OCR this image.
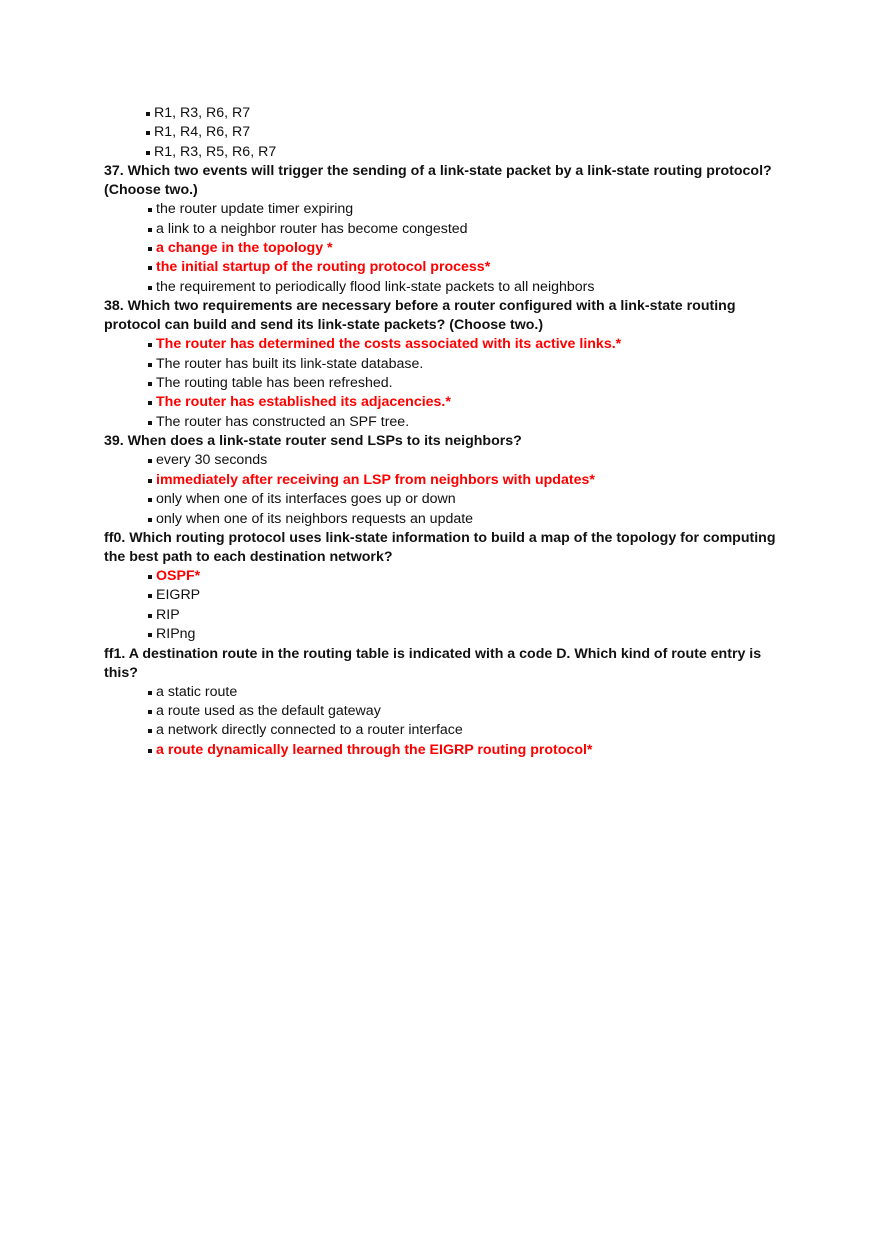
R1, R3, R6, R7
R1, R4, R6, R7
R1, R3, R5, R6, R7

37. Which two events will trigger the sending of a link-state packet by a link-state routing protocol? (Choose two.)

the router update timer expiring
a link to a neighbor router has become congested
a change in the topology *
the initial startup of the routing protocol process*
the requirement to periodically flood link-state packets to all neighbors

38. Which two requirements are necessary before a router configured with a link-state routing protocol can build and send its link-state packets? (Choose two.)

The router has determined the costs associated with its active links.*
The router has built its link-state database.
The routing table has been refreshed.
The router has established its adjacencies.*
The router has constructed an SPF tree.

39. When does a link-state router send LSPs to its neighbors?

every 30 seconds
immediately after receiving an LSP from neighbors with updates*
only when one of its interfaces goes up or down
only when one of its neighbors requests an update

ff0. Which routing protocol uses link-state information to build a map of the topology for computing the best path to each destination network?

OSPF*
EIGRP
RIP
RIPng

ff1. A destination route in the routing table is indicated with a code D. Which kind of route entry is this?

a static route
a route used as the default gateway
a network directly connected to a router interface
a route dynamically learned through the EIGRP routing protocol*
